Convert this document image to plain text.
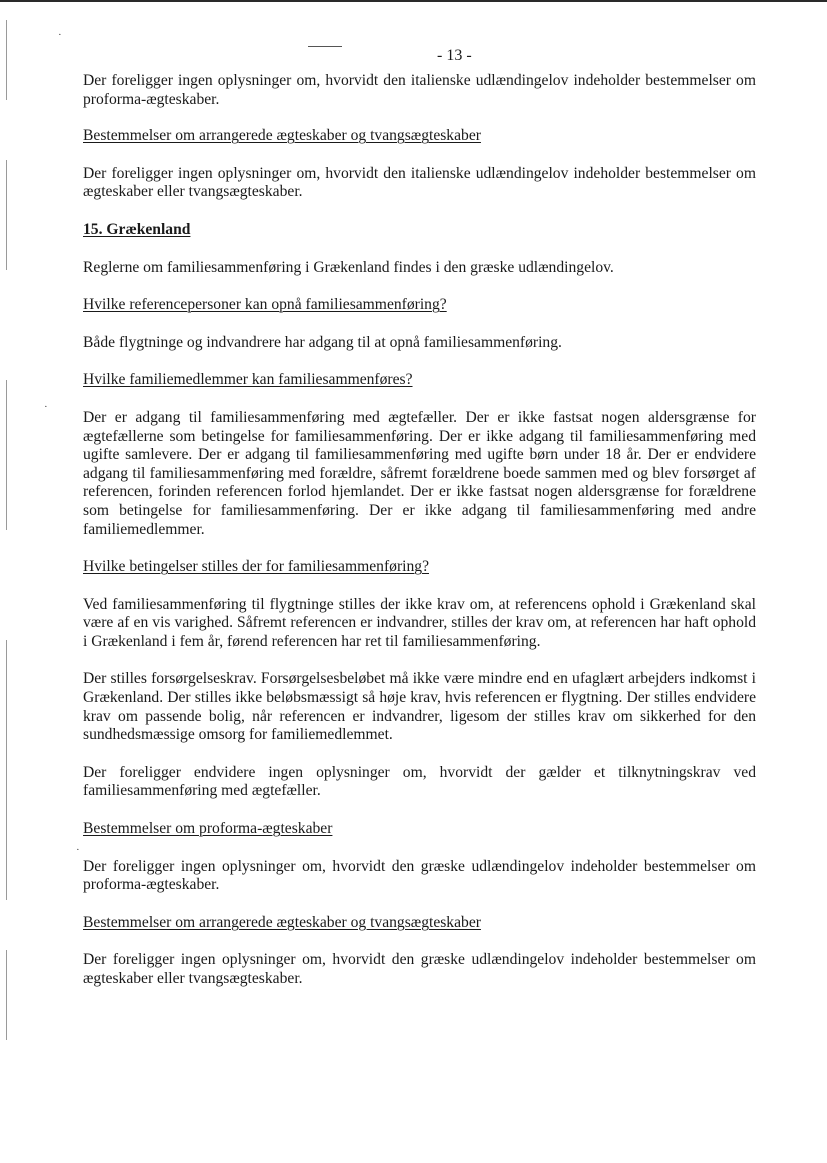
·
·
·
- 13 -

Der foreligger ingen oplysninger om, hvorvidt den italienske udlændingelov indeholder bestemmelser om proforma-ægteskaber.

Bestemmelser om arrangerede ægteskaber og tvangsægteskaber

Der foreligger ingen oplysninger om, hvorvidt den italienske udlændingelov indeholder bestemmelser om ægteskaber eller tvangsægteskaber.

15. Grækenland

Reglerne om familiesammenføring i Grækenland findes i den græske udlændingelov.

Hvilke referencepersoner kan opnå familiesammenføring?

Både flygtninge og indvandrere har adgang til at opnå familiesammenføring.

Hvilke familiemedlemmer kan familiesammenføres?

Der er adgang til familiesammenføring med ægtefæller. Der er ikke fastsat nogen aldersgrænse for ægtefællerne som betingelse for familiesammenføring. Der er ikke adgang til familiesammenføring med ugifte samlevere. Der er adgang til familiesammenføring med ugifte børn under 18 år. Der er endvidere adgang til familiesammenføring med forældre, såfremt forældrene boede sammen med og blev forsørget af referencen, forinden referencen forlod hjemlandet. Der er ikke fastsat nogen aldersgrænse for forældrene som betingelse for familiesammenføring. Der er ikke adgang til familiesammenføring med andre familiemedlemmer.

Hvilke betingelser stilles der for familiesammenføring?

Ved familiesammenføring til flygtninge stilles der ikke krav om, at referencens ophold i Grækenland skal være af en vis varighed. Såfremt referencen er indvandrer, stilles der krav om, at referencen har haft ophold i Grækenland i fem år, førend referencen har ret til familiesammenføring.

Der stilles forsørgelseskrav. Forsørgelsesbeløbet må ikke være mindre end en ufaglært arbejders indkomst i Grækenland. Der stilles ikke beløbsmæssigt så høje krav, hvis referencen er flygtning. Der stilles endvidere krav om passende bolig, når referencen er indvandrer, ligesom der stilles krav om sikkerhed for den sundhedsmæssige omsorg for familiemedlemmet.

Der foreligger endvidere ingen oplysninger om, hvorvidt der gælder et tilknytningskrav ved familiesammenføring med ægtefæller.

Bestemmelser om proforma-ægteskaber

Der foreligger ingen oplysninger om, hvorvidt den græske udlændingelov indeholder bestemmelser om proforma-ægteskaber.

Bestemmelser om arrangerede ægteskaber og tvangsægteskaber

Der foreligger ingen oplysninger om, hvorvidt den græske udlændingelov indeholder bestemmelser om ægteskaber eller tvangsægteskaber.
